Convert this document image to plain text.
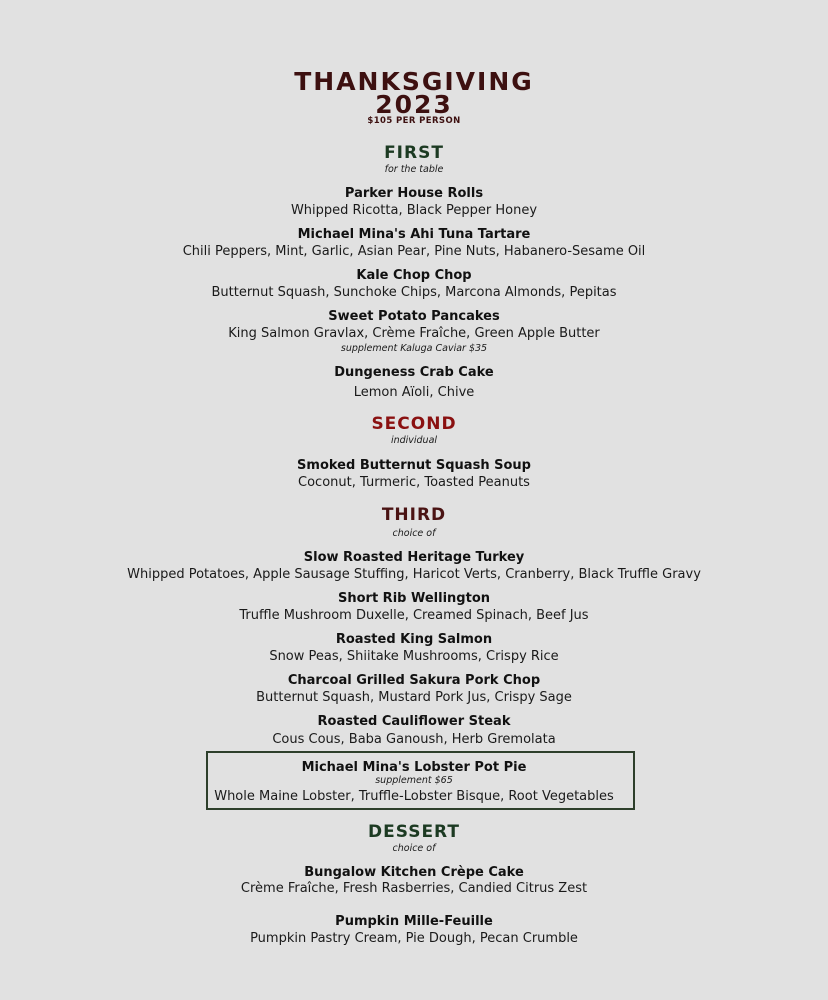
THANKSGIVING
2023
$105 PER PERSON
FIRST
for the table
Parker House Rolls
Whipped Ricotta, Black Pepper Honey
Michael Mina's Ahi Tuna Tartare
Chili Peppers, Mint, Garlic, Asian Pear, Pine Nuts, Habanero-Sesame Oil
Kale Chop Chop
Butternut Squash, Sunchoke Chips, Marcona Almonds, Pepitas
Sweet Potato Pancakes
King Salmon Gravlax, Crème Fraîche, Green Apple Butter
supplement Kaluga Caviar $35
Dungeness Crab Cake
Lemon Aïoli, Chive
SECOND
individual
Smoked Butternut Squash Soup
Coconut, Turmeric, Toasted Peanuts
THIRD
choice of
Slow Roasted Heritage Turkey
Whipped Potatoes, Apple Sausage Stuffing, Haricot Verts, Cranberry, Black Truffle Gravy
Short Rib Wellington
Truffle Mushroom Duxelle, Creamed Spinach, Beef Jus
Roasted King Salmon
Snow Peas, Shiitake Mushrooms, Crispy Rice
Charcoal Grilled Sakura Pork Chop
Butternut Squash, Mustard Pork Jus, Crispy Sage
Roasted Cauliflower Steak
Cous Cous, Baba Ganoush, Herb Gremolata
Michael Mina's Lobster Pot Pie
supplement $65
Whole Maine Lobster, Truffle-Lobster Bisque, Root Vegetables
DESSERT
choice of
Bungalow Kitchen Crèpe Cake
Crème Fraîche, Fresh Rasberries, Candied Citrus Zest
Pumpkin Mille-Feuille
Pumpkin Pastry Cream, Pie Dough, Pecan Crumble
